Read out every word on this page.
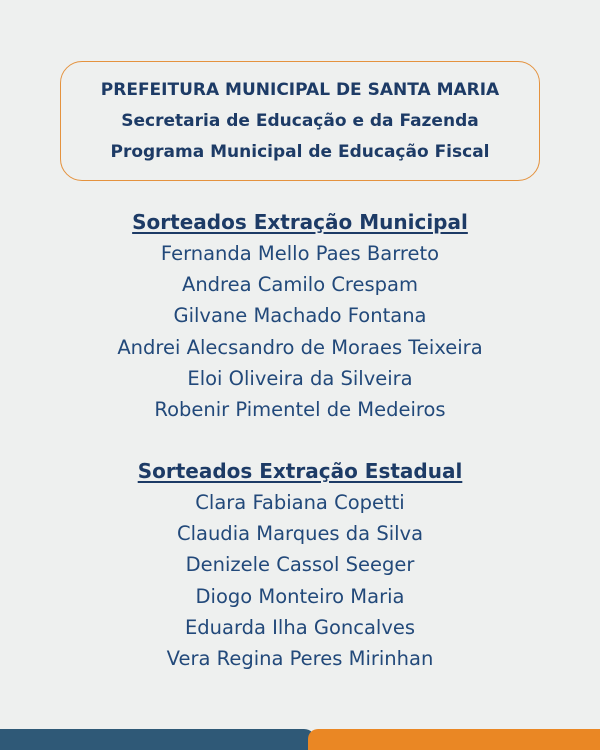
PREFEITURA MUNICIPAL DE SANTA MARIA
Secretaria de Educação e da Fazenda
Programa Municipal de Educação Fiscal
Sorteados Extração Municipal
Fernanda Mello Paes Barreto
Andrea Camilo Crespam
Gilvane Machado Fontana
Andrei Alecsandro de Moraes Teixeira
Eloi Oliveira da Silveira
Robenir Pimentel de Medeiros
Sorteados Extração Estadual
Clara Fabiana Copetti
Claudia Marques da Silva
Denizele Cassol Seeger
Diogo Monteiro Maria
Eduarda Ilha Goncalves
Vera Regina Peres Mirinhan
